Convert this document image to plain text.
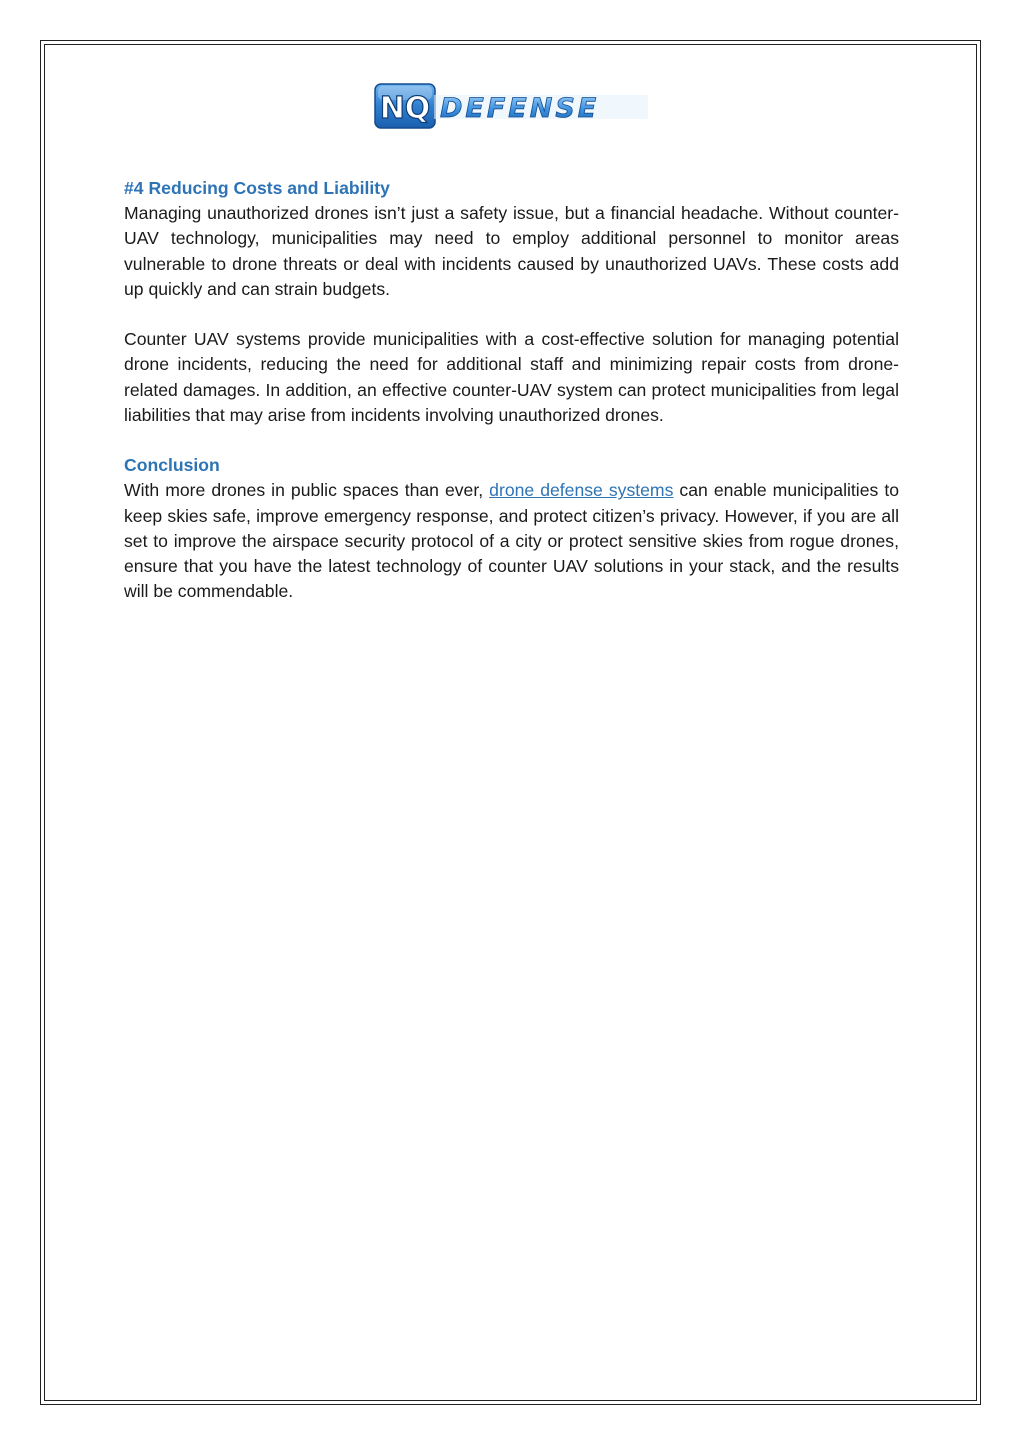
NQ DEFENSE

#4 Reducing Costs and Liability

Managing unauthorized drones isn’t just a safety issue, but a financial headache. Without counter-UAV technology, municipalities may need to employ additional personnel to monitor areas vulnerable to drone threats or deal with incidents caused by unauthorized UAVs. These costs add up quickly and can strain budgets.

Counter UAV systems provide municipalities with a cost-effective solution for managing potential drone incidents, reducing the need for additional staff and minimizing repair costs from drone-related damages. In addition, an effective counter-UAV system can protect municipalities from legal liabilities that may arise from incidents involving unauthorized drones.

Conclusion

With more drones in public spaces than ever, drone defense systems can enable municipalities to keep skies safe, improve emergency response, and protect citizen’s privacy. However, if you are all set to improve the airspace security protocol of a city or protect sensitive skies from rogue drones, ensure that you have the latest technology of counter UAV solutions in your stack, and the results will be commendable.
